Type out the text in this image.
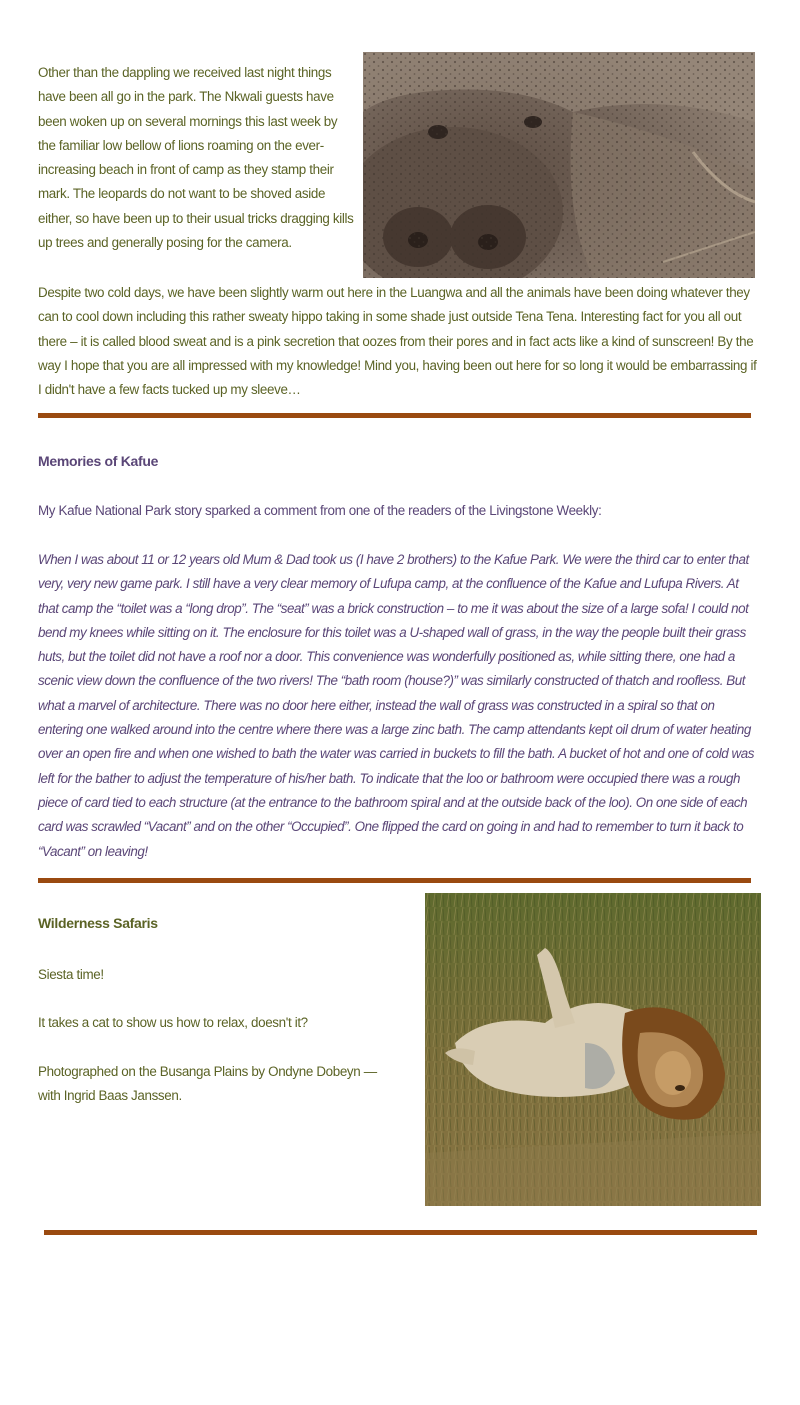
Other than the dappling we received last night things have been all go in the park. The Nkwali guests have been woken up on several mornings this last week by the familiar low bellow of lions roaming on the ever-increasing beach in front of camp as they stamp their mark. The leopards do not want to be shoved aside either, so have been up to their usual tricks dragging kills up trees and generally posing for the camera.
Despite two cold days, we have been slightly warm out here in the Luangwa and all the animals have been doing whatever they can to cool down including this rather sweaty hippo taking in some shade just outside Tena Tena. Interesting fact for you all out there – it is called blood sweat and is a pink secretion that oozes from their pores and in fact acts like a kind of sunscreen! By the way I hope that you are all impressed with my knowledge! Mind you, having been out here for so long it would be embarrassing if I didn't have a few facts tucked up my sleeve…
Memories of Kafue
My Kafue National Park story sparked a comment from one of the readers of the Livingstone Weekly:
When I was about 11 or 12 years old Mum & Dad took us (I have 2 brothers) to the Kafue Park. We were the third car to enter that very, very new game park. I still have a very clear memory of Lufupa camp, at the confluence of the Kafue and Lufupa Rivers. At that camp the “toilet was a “long drop”. The “seat” was a brick construction – to me it was about the size of a large sofa! I could not bend my knees while sitting on it. The enclosure for this toilet was a U-shaped wall of grass, in the way the people built their grass huts, but the toilet did not have a roof nor a door. This convenience was wonderfully positioned as, while sitting there, one had a scenic view down the confluence of the two rivers! The “bath room (house?)” was similarly constructed of thatch and roofless. But what a marvel of architecture. There was no door here either, instead the wall of grass was constructed in a spiral so that on entering one walked around into the centre where there was a large zinc bath. The camp attendants kept oil drum of water heating over an open fire and when one wished to bath the water was carried in buckets to fill the bath. A bucket of hot and one of cold was left for the bather to adjust the temperature of his/her bath. To indicate that the loo or bathroom were occupied there was a rough piece of card tied to each structure (at the entrance to the bathroom spiral and at the outside back of the loo). On one side of each card was scrawled “Vacant” and on the other “Occupied”. One flipped the card on going in and had to remember to turn it back to “Vacant” on leaving!
Wilderness Safaris
Siesta time!
It takes a cat to show us how to relax, doesn't it?
Photographed on the Busanga Plains by Ondyne Dobeyn — with Ingrid Baas Janssen.
